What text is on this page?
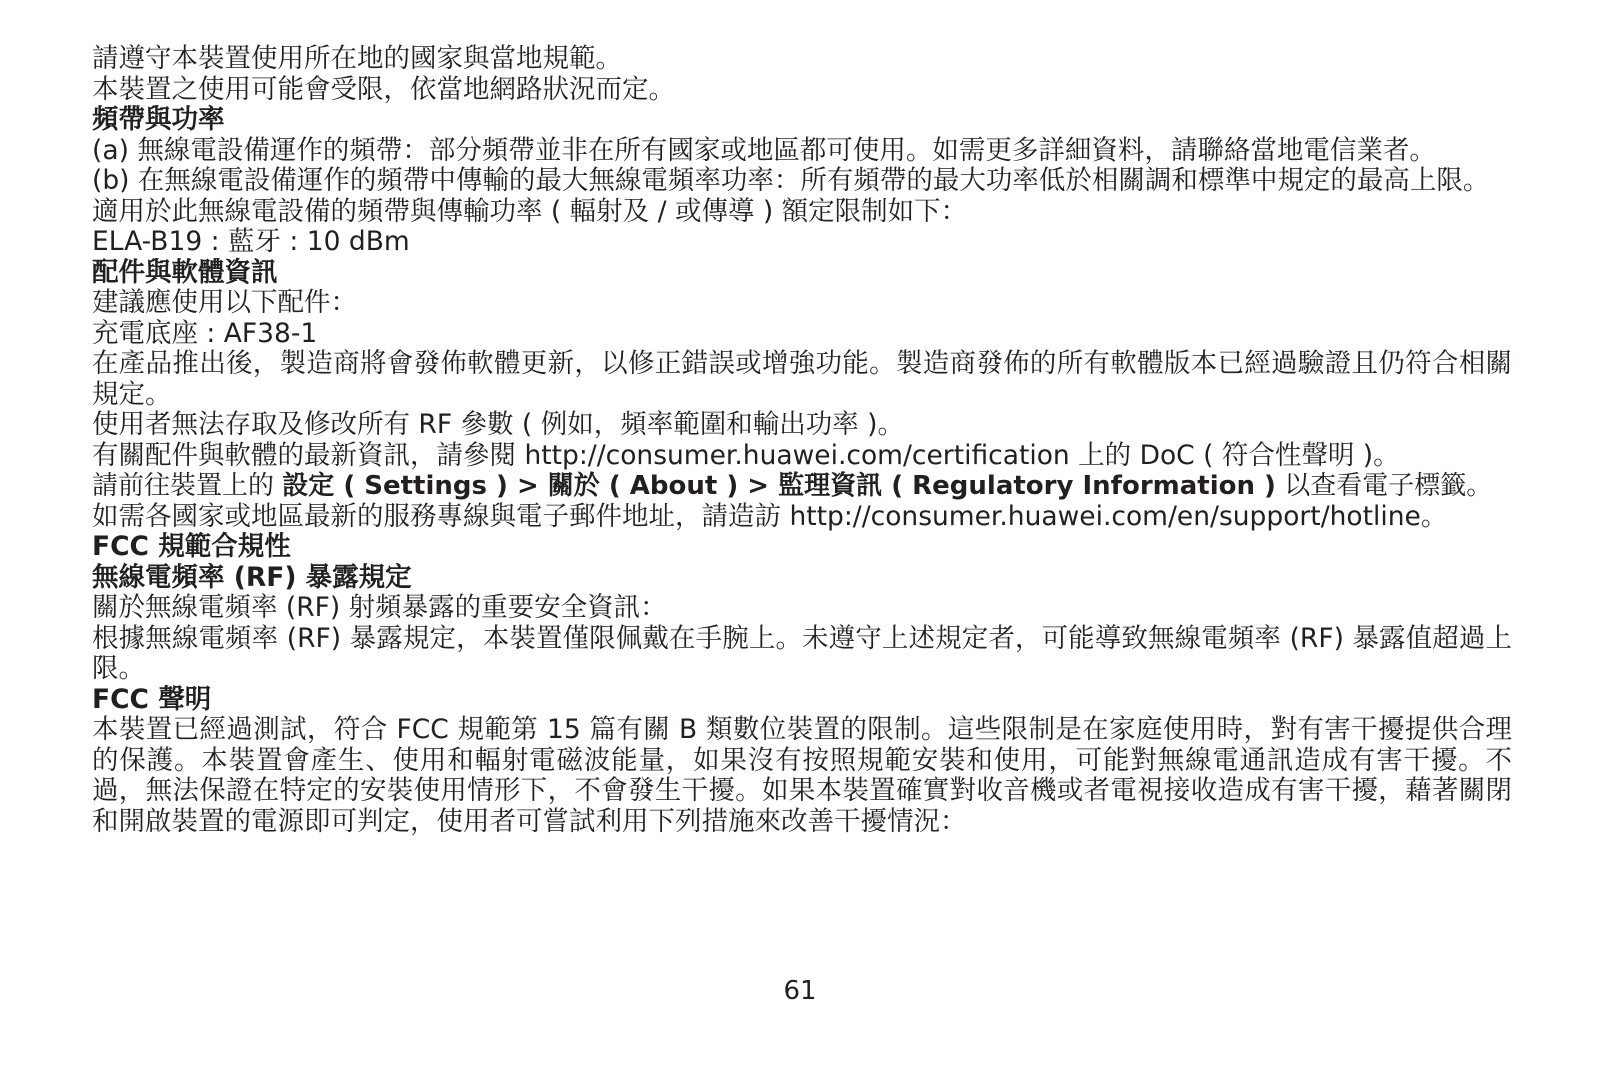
請遵守本裝置使用所在地的國家與當地規範。

本裝置之使用可能會受限，依當地網路狀況而定。

頻帶與功率

(a) 無線電設備運作的頻帶：部分頻帶並非在所有國家或地區都可使用。如需更多詳細資料，請聯絡當地電信業者。

(b) 在無線電設備運作的頻帶中傳輸的最大無線電頻率功率：所有頻帶的最大功率低於相關調和標準中規定的最高上限。

適用於此無線電設備的頻帶與傳輸功率 ( 輻射及 / 或傳導 ) 額定限制如下：

ELA-B19 : 藍牙 : 10 dBm

配件與軟體資訊

建議應使用以下配件：

充電底座 : AF38-1

在產品推出後，製造商將會發佈軟體更新，以修正錯誤或增強功能。製造商發佈的所有軟體版本已經過驗證且仍符合相關規定。

使用者無法存取及修改所有 RF 參數 ( 例如，頻率範圍和輸出功率 )。

有關配件與軟體的最新資訊，請參閱 http://consumer.huawei.com/certification 上的 DoC ( 符合性聲明 )。

請前往裝置上的 設定 ( Settings ) > 關於 ( About ) > 監理資訊 ( Regulatory Information ) 以查看電子標籤。

如需各國家或地區最新的服務專線與電子郵件地址，請造訪 http://consumer.huawei.com/en/support/hotline。

FCC 規範合規性

無線電頻率 (RF) 暴露規定

關於無線電頻率 (RF) 射頻暴露的重要安全資訊：

根據無線電頻率 (RF) 暴露規定，本裝置僅限佩戴在手腕上。未遵守上述規定者，可能導致無線電頻率 (RF) 暴露值超過上限。

FCC 聲明

本裝置已經過測試，符合 FCC 規範第 15 篇有關 B 類數位裝置的限制。這些限制是在家庭使用時，對有害干擾提供合理的保護。本裝置會產生、使用和輻射電磁波能量，如果沒有按照規範安裝和使用，可能對無線電通訊造成有害干擾。不過，無法保證在特定的安裝使用情形下，不會發生干擾。如果本裝置確實對收音機或者電視接收造成有害干擾，藉著關閉和開啟裝置的電源即可判定，使用者可嘗試利用下列措施來改善干擾情況：

61
